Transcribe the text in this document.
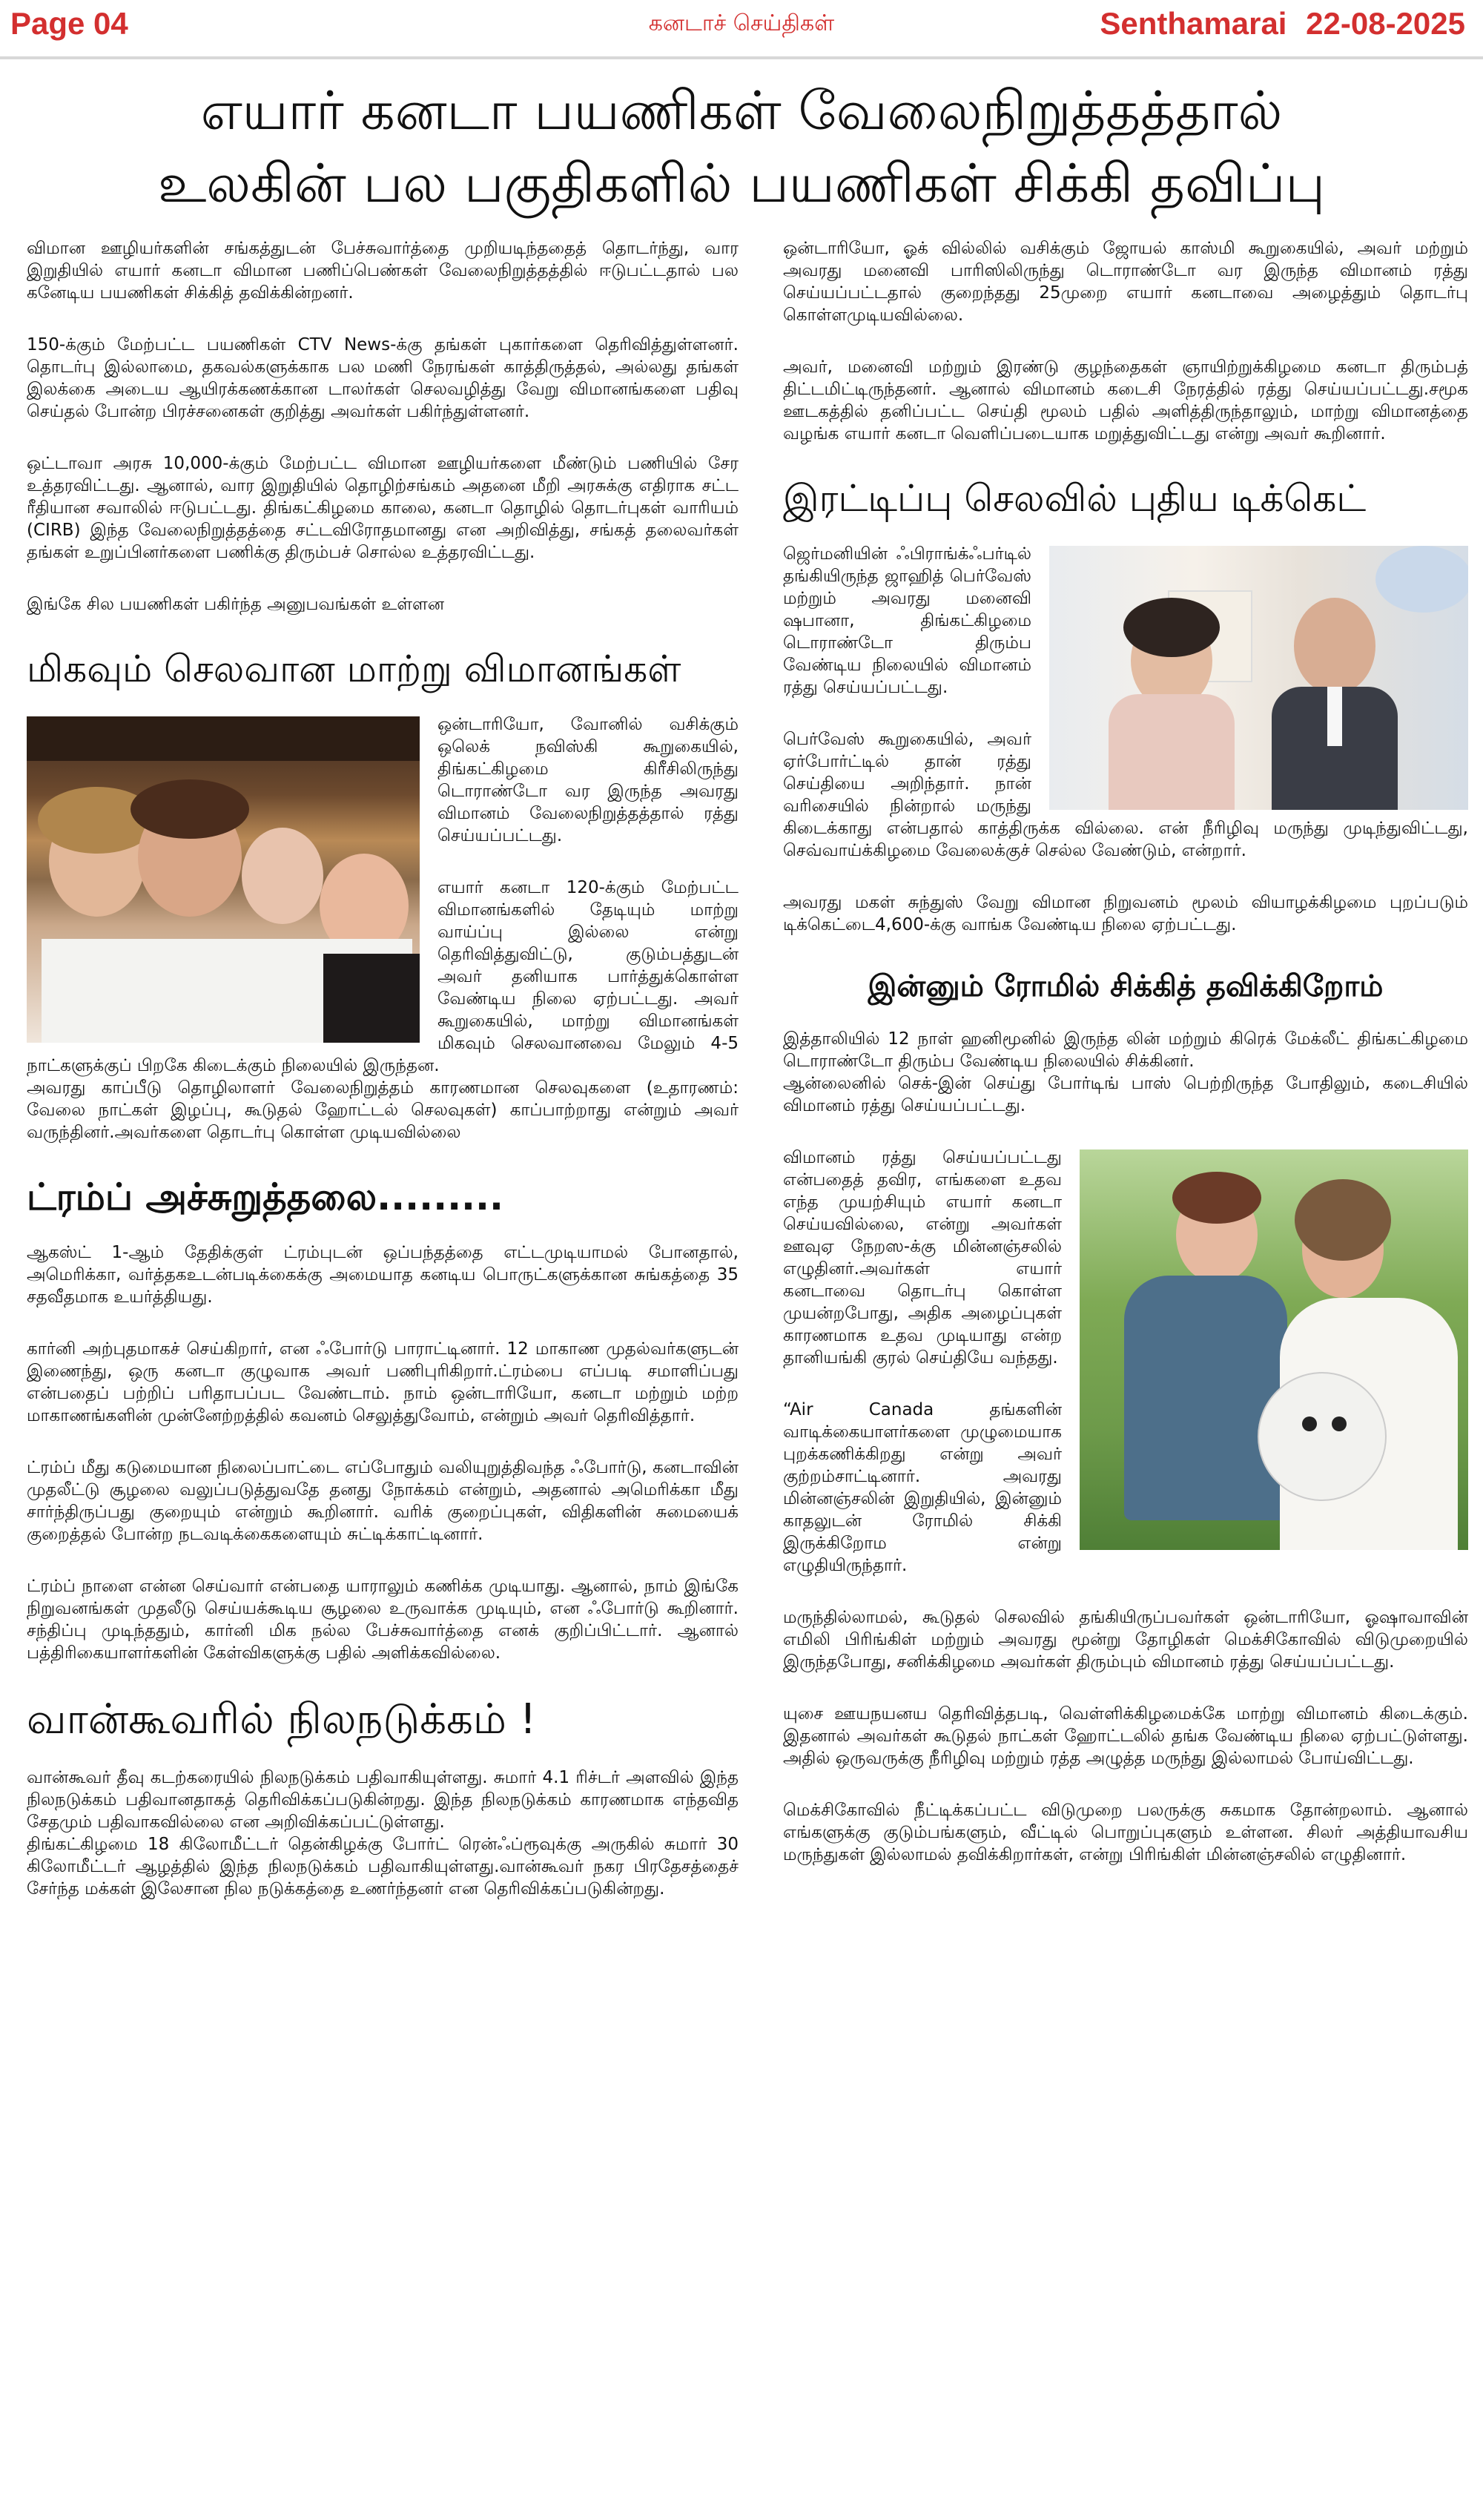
Page 04	கனடாச் செய்திகள்	Senthamarai 22-08-2025
எயார் கனடா பயணிகள் வேலைநிறுத்தத்தால்
உலகின் பல பகுதிகளில் பயணிகள் சிக்கி தவிப்பு

விமான ஊழியர்களின் சங்கத்துடன் பேச்சுவார்த்தை முறியடிந்ததைத் தொடர்ந்து, வார இறுதியில் எயார் கனடா விமான பணிப்பெண்கள் வேலைநிறுத்தத்தில் ஈடுபட்டதால் பல கனேடிய பயணிகள் சிக்கித் தவிக்கின்றனர்.

150-க்கும் மேற்பட்ட பயணிகள் CTV News-க்கு தங்கள் புகார்களை தெரிவித்துள்ளனர். தொடர்பு இல்லாமை, தகவல்களுக்காக பல மணி நேரங்கள் காத்திருத்தல், அல்லது தங்கள் இலக்கை அடைய ஆயிரக்கணக்கான டாலர்கள் செலவழித்து வேறு விமானங்களை பதிவு செய்தல் போன்ற பிரச்சனைகள் குறித்து அவர்கள் பகிர்ந்துள்ளனர்.

ஒட்டாவா அரசு 10,000-க்கும் மேற்பட்ட விமான ஊழியர்களை மீண்டும் பணியில் சேர உத்தரவிட்டது. ஆனால், வார இறுதியில் தொழிற்சங்கம் அதனை மீறி அரசுக்கு எதிராக சட்ட ரீதியான சவாலில் ஈடுபட்டது. திங்கட்கிழமை காலை, கனடா தொழில் தொடர்புகள் வாரியம் (CIRB) இந்த வேலைநிறுத்தத்தை சட்டவிரோதமானது என அறிவித்து, சங்கத் தலைவர்கள் தங்கள் உறுப்பினர்களை பணிக்கு திரும்பச் சொல்ல உத்தரவிட்டது.

இங்கே சில பயணிகள் பகிர்ந்த அனுபவங்கள் உள்ளன

மிகவும் செலவான மாற்று விமானங்கள்

ஒன்டாரியோ, வோனில் வசிக்கும் ஒலெக் நவிஸ்கி கூறுகையில், திங்கட்கிழமை கிரீசிலிருந்து டொராண்டோ வர இருந்த அவரது விமானம் வேலைநிறுத்தத்தால் ரத்து செய்யப்பட்டது.

எயார் கனடா 120-க்கும் மேற்பட்ட விமானங்களில் தேடியும் மாற்று வாய்ப்பு இல்லை என்று தெரிவித்துவிட்டு, குடும்பத்துடன் அவர் தனியாக பார்த்துக்கொள்ள வேண்டிய நிலை ஏற்பட்டது. அவர் கூறுகையில், மாற்று விமானங்கள் மிகவும் செலவானவை மேலும் 4-5 நாட்களுக்குப் பிறகே கிடைக்கும் நிலையில் இருந்தன.

அவரது காப்பீடு தொழிலாளர் வேலைநிறுத்தம் காரணமான செலவுகளை (உதாரணம்: வேலை நாட்கள் இழப்பு, கூடுதல் ஹோட்டல் செலவுகள்) காப்பாற்றாது என்றும் அவர் வருந்தினர்.அவர்களை தொடர்பு கொள்ள முடியவில்லை

ட்ரம்ப் அச்சுறுத்தலை.........

ஆகஸ்ட் 1-ஆம் தேதிக்குள் ட்ரம்புடன் ஒப்பந்தத்தை எட்டமுடியாமல் போனதால், அமெரிக்கா, வர்த்தகஉடன்படிக்கைக்கு அமையாத கனடிய பொருட்களுக்கான சுங்கத்தை 35 சதவீதமாக உயர்த்தியது.

கார்னி அற்புதமாகச் செய்கிறார், என ஃபோர்டு பாராட்டினார். 12 மாகாண முதல்வர்களுடன் இணைந்து, ஒரு கனடா குழுவாக அவர் பணிபுரிகிறார்.ட்ரம்பை எப்படி சமாளிப்பது என்பதைப் பற்றிப் பரிதாபப்பட வேண்டாம். நாம் ஒன்டாரியோ, கனடா மற்றும் மற்ற மாகாணங்களின் முன்னேற்றத்தில் கவனம் செலுத்துவோம், என்றும் அவர் தெரிவித்தார்.

ட்ரம்ப் மீது கடுமையான நிலைப்பாட்டை எப்போதும் வலியுறுத்திவந்த ஃபோர்டு, கனடாவின் முதலீட்டு சூழலை வலுப்படுத்துவதே தனது நோக்கம் என்றும், அதனால் அமெரிக்கா மீது சார்ந்திருப்பது குறையும் என்றும் கூறினார். வரிக் குறைப்புகள், விதிகளின் சுமையைக் குறைத்தல் போன்ற நடவடிக்கைகளையும் சுட்டிக்காட்டினார்.

ட்ரம்ப் நாளை என்ன செய்வார் என்பதை யாராலும் கணிக்க முடியாது. ஆனால், நாம் இங்கே நிறுவனங்கள் முதலீடு செய்யக்கூடிய சூழலை உருவாக்க முடியும், என ஃபோர்டு கூறினார். சந்திப்பு முடிந்ததும், கார்னி மிக நல்ல பேச்சுவார்த்தை எனக் குறிப்பிட்டார். ஆனால் பத்திரிகையாளர்களின் கேள்விகளுக்கு பதில் அளிக்கவில்லை.

வான்கூவரில் நிலநடுக்கம் !

வான்கூவர் தீவு கடற்கரையில் நிலநடுக்கம் பதிவாகியுள்ளது. சுமார் 4.1 ரிச்டர் அளவில் இந்த நிலநடுக்கம் பதிவானதாகத் தெரிவிக்கப்படுகின்றது. இந்த நிலநடுக்கம் காரணமாக எந்தவித சேதமும் பதிவாகவில்லை என அறிவிக்கப்பட்டுள்ளது.

திங்கட்கிழமை 18 கிலோமீட்டர் தென்கிழக்கு போர்ட் ரென்ஃப்ரூவுக்கு அருகில் சுமார் 30 கிலோமீட்டர் ஆழத்தில் இந்த நிலநடுக்கம் பதிவாகியுள்ளது.வான்கூவர் நகர பிரதேசத்தைச் சேர்ந்த மக்கள் இலேசான நில நடுக்கத்தை உணர்ந்தனர் என தெரிவிக்கப்படுகின்றது.

ஒன்டாரியோ, ஓக் வில்லில் வசிக்கும் ஜோயல் காஸ்மி கூறுகையில், அவர் மற்றும் அவரது மனைவி பாரிஸிலிருந்து டொராண்டோ வர இருந்த விமானம் ரத்து செய்யப்பட்டதால் குறைந்தது 25முறை எயார் கனடாவை அழைத்தும் தொடர்பு கொள்ளமுடியவில்லை.

அவர், மனைவி மற்றும் இரண்டு குழந்தைகள் ஞாயிற்றுக்கிழமை கனடா திரும்பத் திட்டமிட்டிருந்தனர். ஆனால் விமானம் கடைசி நேரத்தில் ரத்து செய்யப்பட்டது.சமூக ஊடகத்தில் தனிப்பட்ட செய்தி மூலம் பதில் அளித்திருந்தாலும், மாற்று விமானத்தை வழங்க எயார் கனடா வெளிப்படையாக மறுத்துவிட்டது என்று அவர் கூறினார்.

இரட்டிப்பு செலவில் புதிய டிக்கெட்

ஜெர்மனியின் ஃபிராங்க்ஃபர்டில் தங்கியிருந்த ஜாஹித் பெர்வேஸ் மற்றும் அவரது மனைவி ஷபானா, திங்கட்கிழமை டொராண்டோ திரும்ப வேண்டிய நிலையில் விமானம் ரத்து செய்யப்பட்டது.

பெர்வேஸ் கூறுகையில், அவர் ஏர்போர்ட்டில் தான் ரத்து செய்தியை அறிந்தார். நான் வரிசையில் நின்றால் மருந்து கிடைக்காது என்பதால் காத்திருக்க வில்லை. என் நீரிழிவு மருந்து முடிந்துவிட்டது, செவ்வாய்க்கிழமை வேலைக்குச் செல்ல வேண்டும், என்றார்.

அவரது மகள் சுந்துஸ் வேறு விமான நிறுவனம் மூலம் வியாழக்கிழமை புறப்படும் டிக்கெட்டை4,600-க்கு வாங்க வேண்டிய நிலை ஏற்பட்டது.

இன்னும் ரோமில் சிக்கித் தவிக்கிறோம்

இத்தாலியில் 12 நாள் ஹனிமூனில் இருந்த லின் மற்றும் கிரெக் மேக்லீட் திங்கட்கிழமை டொராண்டோ திரும்ப வேண்டிய நிலையில் சிக்கினர்.

ஆன்லைனில் செக்-இன் செய்து போர்டிங் பாஸ் பெற்றிருந்த போதிலும், கடைசியில் விமானம் ரத்து செய்யப்பட்டது.

விமானம் ரத்து செய்யப்பட்டது என்பதைத் தவிர, எங்களை உதவ எந்த முயற்சியும் எயார் கனடா செய்யவில்லை, என்று அவர்கள் ஊவுஏ நேறஸ-க்கு மின்னஞ்சலில் எழுதினர்.அவர்கள் எயார் கனடாவை தொடர்பு கொள்ள முயன்றபோது, அதிக அழைப்புகள் காரணமாக உதவ முடியாது என்ற தானியங்கி குரல் செய்தியே வந்தது.

“Air Canada தங்களின் வாடிக்கையாளர்களை முழுமையாக புறக்கணிக்கிறது என்று அவர் குற்றம்சாட்டினார். அவரது மின்னஞ்சலின் இறுதியில், இன்னும் காதலுடன் ரோமில் சிக்கி இருக்கிறோம என்று எழுதியிருந்தார்.

மருந்தில்லாமல், கூடுதல் செலவில் தங்கியிருப்பவர்கள் ஒன்டாரியோ, ஓஷாவாவின் எமிலி பிரிங்கிள் மற்றும் அவரது மூன்று தோழிகள் மெக்சிகோவில் விடுமுறையில் இருந்தபோது, சனிக்கிழமை அவர்கள் திரும்பும் விமானம் ரத்து செய்யப்பட்டது.

யுசை ஊயநயனய தெரிவித்தபடி, வெள்ளிக்கிழமைக்கே மாற்று விமானம் கிடைக்கும். இதனால் அவர்கள் கூடுதல் நாட்கள் ஹோட்டலில் தங்க வேண்டிய நிலை ஏற்பட்டுள்ளது. அதில் ஒருவருக்கு நீரிழிவு மற்றும் ரத்த அழுத்த மருந்து இல்லாமல் போய்விட்டது.

மெக்சிகோவில் நீட்டிக்கப்பட்ட விடுமுறை பலருக்கு சுகமாக தோன்றலாம். ஆனால் எங்களுக்கு குடும்பங்களும், வீட்டில் பொறுப்புகளும் உள்ளன. சிலர் அத்தியாவசிய மருந்துகள் இல்லாமல் தவிக்கிறார்கள், என்று பிரிங்கிள் மின்னஞ்சலில் எழுதினார்.
